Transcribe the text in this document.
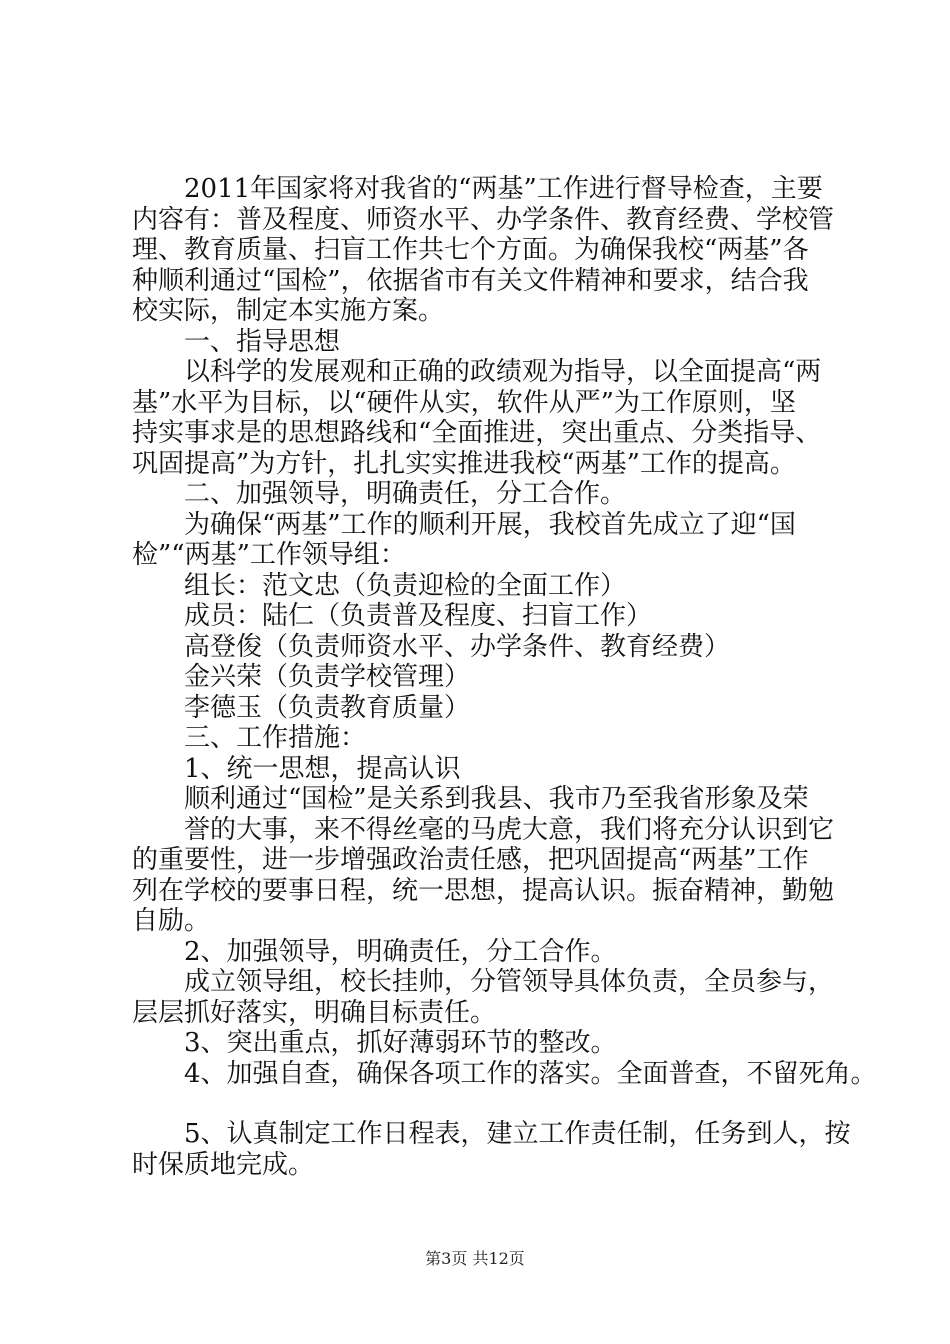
2011年国家将对我省的“两基”工作进行督导检查，主要
内容有：普及程度、师资水平、办学条件、教育经费、学校管
理、教育质量、扫盲工作共七个方面。为确保我校“两基”各
种顺利通过“国检”，依据省市有关文件精神和要求，结合我
校实际，制定本实施方案。
一、指导思想
以科学的发展观和正确的政绩观为指导，以全面提高“两
基”水平为目标，以“硬件从实，软件从严”为工作原则，坚
持实事求是的思想路线和“全面推进，突出重点、分类指导、
巩固提高”为方针，扎扎实实推进我校“两基”工作的提高。
二、加强领导，明确责任，分工合作。
为确保“两基”工作的顺利开展，我校首先成立了迎“国
检”“两基”工作领导组：
组长：范文忠（负责迎检的全面工作）
成员：陆仁（负责普及程度、扫盲工作）
高登俊（负责师资水平、办学条件、教育经费）
金兴荣（负责学校管理）
李德玉（负责教育质量）
三、工作措施：
1、统一思想，提高认识
顺利通过“国检”是关系到我县、我市乃至我省形象及荣
誉的大事，来不得丝毫的马虎大意，我们将充分认识到它
的重要性，进一步增强政治责任感，把巩固提高“两基”工作
列在学校的要事日程，统一思想，提高认识。振奋精神，勤勉
自励。
2、加强领导，明确责任，分工合作。
成立领导组，校长挂帅，分管领导具体负责，全员参与，
层层抓好落实，明确目标责任。
3、突出重点，抓好薄弱环节的整改。
4、加强自查，确保各项工作的落实。全面普查，不留死角。
5、认真制定工作日程表，建立工作责任制，任务到人，按
时保质地完成。
第3页 共12页
